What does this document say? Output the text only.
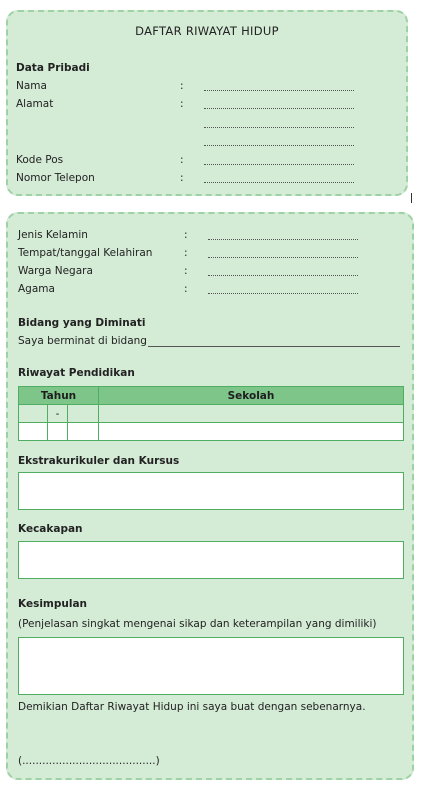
DAFTAR RIWAYAT HIDUP
Data Pribadi
Nama	:
Alamat	:
Kode Pos	:
Nomor Telepon	:
Jenis Kelamin	:
Tempat/tanggal Kelahiran	:
Warga Negara	:
Agama	:
Bidang yang Diminati
Saya berminat di bidang
Riwayat Pendidikan
Tahun			Sekolah
	-		

Ekstrakurikuler dan Kursus
Kecakapan
Kesimpulan
(Penjelasan singkat mengenai sikap dan keterampilan yang dimiliki)
Demikian Daftar Riwayat Hidup ini saya buat dengan sebenarnya.
(........................................)
